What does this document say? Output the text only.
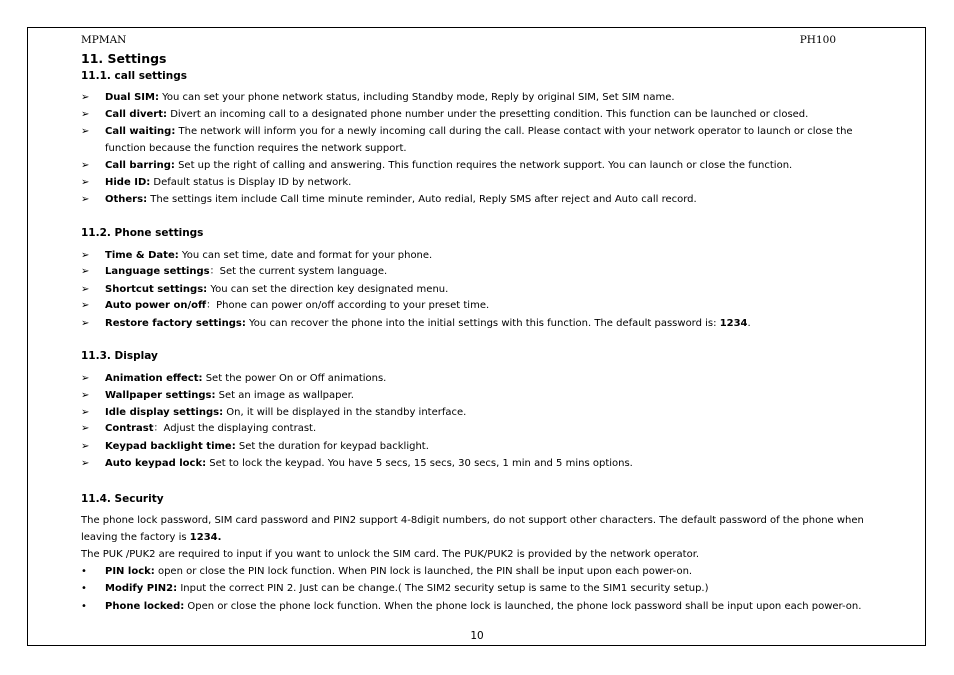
MPMAN	PH100
11. Settings
11.1. call settings
➢	Dual SIM: You can set your phone network status, including Standby mode, Reply by original SIM, Set SIM name.
➢	Call divert: Divert an incoming call to a designated phone number under the presetting condition. This function can be launched or closed.
➢	Call waiting: The network will inform you for a newly incoming call during the call. Please contact with your network operator to launch or close the function because the function requires the network support.
➢	Call barring: Set up the right of calling and answering. This function requires the network support. You can launch or close the function.
➢	Hide ID: Default status is Display ID by network.
➢	Others: The settings item include Call time minute reminder, Auto redial, Reply SMS after reject and Auto call record.
11.2. Phone settings
➢	Time & Date: You can set time, date and format for your phone.
➢	Language settings：Set the current system language.
➢	Shortcut settings: You can set the direction key designated menu.
➢	Auto power on/off：Phone can power on/off according to your preset time.
➢	Restore factory settings: You can recover the phone into the initial settings with this function. The default password is: 1234.
11.3. Display
➢	Animation effect: Set the power On or Off animations.
➢	Wallpaper settings: Set an image as wallpaper.
➢	Idle display settings: On, it will be displayed in the standby interface.
➢	Contrast：Adjust the displaying contrast.
➢	Keypad backlight time: Set the duration for keypad backlight.
➢	Auto keypad lock: Set to lock the keypad. You have 5 secs, 15 secs, 30 secs, 1 min and 5 mins options.
11.4. Security
The phone lock password, SIM card password and PIN2 support 4-8digit numbers, do not support other characters. The default password of the phone when leaving the factory is 1234.
The PUK /PUK2 are required to input if you want to unlock the SIM card. The PUK/PUK2 is provided by the network operator.
•	PIN lock: open or close the PIN lock function. When PIN lock is launched, the PIN shall be input upon each power-on.
•	Modify PIN2: Input the correct PIN 2. Just can be change.( The SIM2 security setup is same to the SIM1 security setup.)
•	Phone locked: Open or close the phone lock function. When the phone lock is launched, the phone lock password shall be input upon each power-on.
10
